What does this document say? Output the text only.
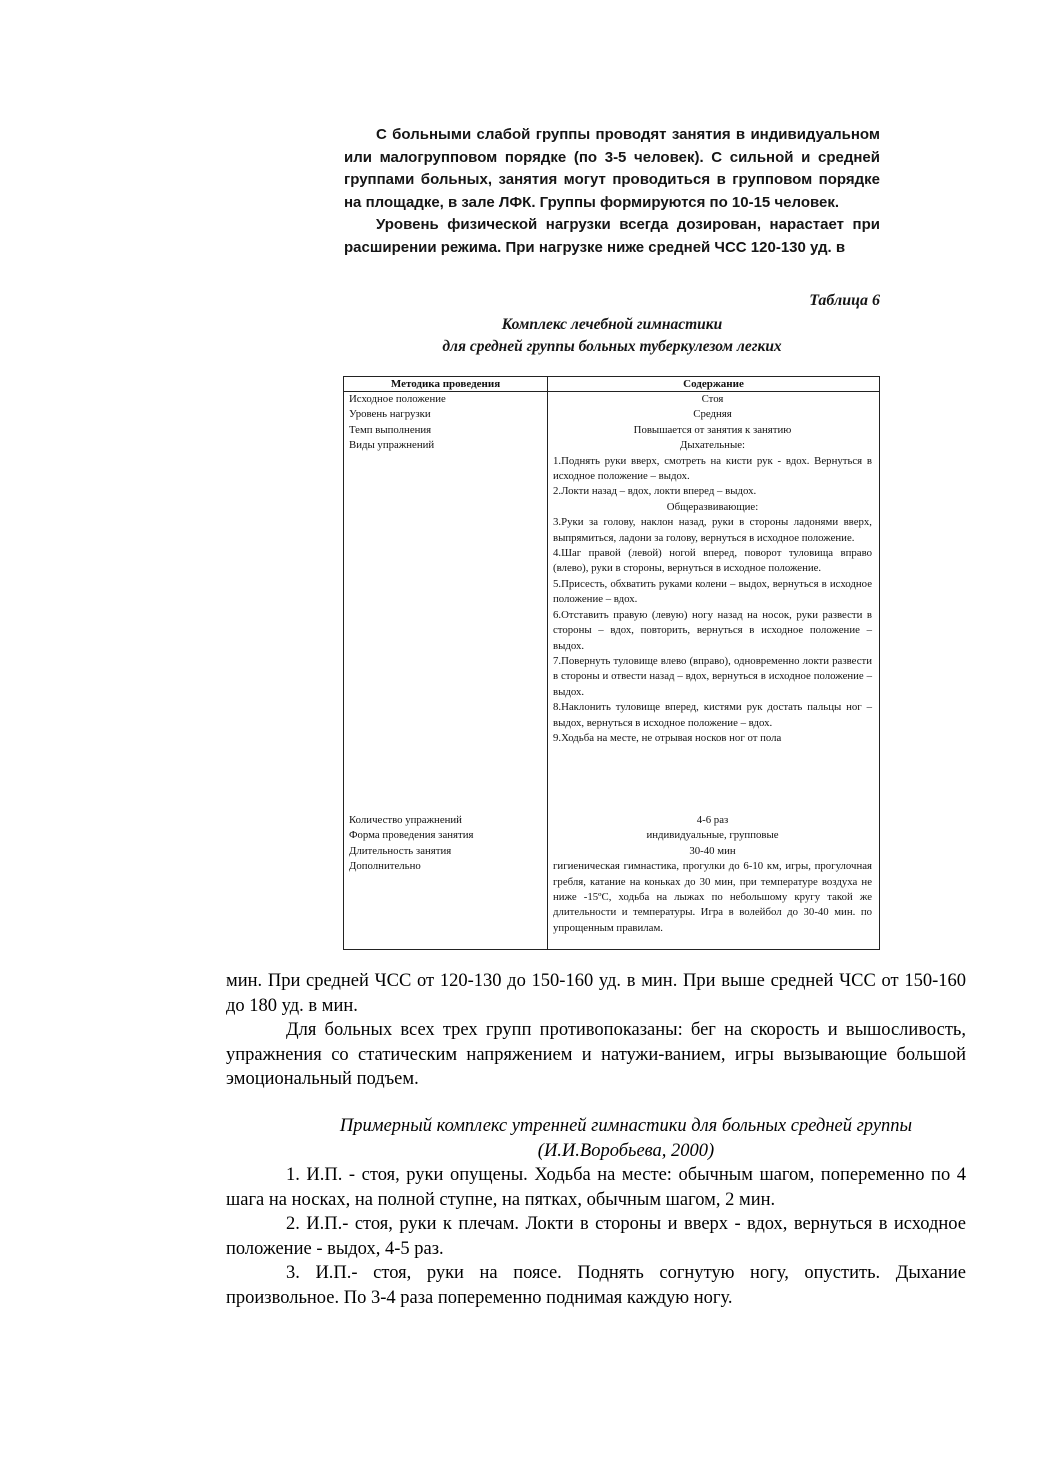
С больными слабой группы проводят занятия в индивидуальном или малогрупповом порядке (по 3-5 человек). С сильной и средней группами больных, занятия могут проводиться в групповом порядке на площадке, в зале ЛФК. Группы формируются по 10-15 человек.
Уровень физической нагрузки всегда дозирован, нарастает при расширении режима. При нагрузке ниже средней ЧСС 120-130 уд. в
Таблица 6
Комплекс лечебной гимнастики
для средней группы больных туберкулезом легких
Методика проведения	Содержание
Исходное положение
Уровень нагрузки
Темп выполнения
Виды упражнений
Стоя
Средняя
Повышается от занятия к занятию
Дыхательные:
1.Поднять руки вверх, смотреть на кисти рук - вдох. Вернуться в исходное положение – выдох.
2.Локти назад – вдох, локти вперед – выдох.
Общеразвивающие:
3.Руки за голову, наклон назад, руки в стороны ладонями вверх, выпрямиться, ладони за голову, вернуться в исходное положение.
4.Шаг правой (левой) ногой вперед, поворот туловища вправо (влево), руки в стороны, вернуться в исходное положение.
5.Присесть, обхватить руками колени – выдох, вернуться в исходное положение – вдох.
6.Отставить правую (левую) ногу назад на носок, руки развести в стороны – вдох, повторить, вернуться в исходное положение – выдох.
7.Повернуть туловище влево (вправо), одновременно локти развести в стороны и отвести назад – вдох, вернуться в исходное положение – выдох.
8.Наклонить туловище вперед, кистями рук достать пальцы ног – выдох, вернуться в исходное положение – вдох.
9.Ходьба на месте, не отрывая носков ног от пола
Количество упражнений
Форма проведения занятия
Длительность занятия
Дополнительно
4-6 раз
индивидуальные, групповые
30-40 мин
гигиеническая гимнастика, прогулки до 6-10 км, игры, прогулочная гребля, катание на коньках до 30 мин, при температуре воздуха не ниже -15ºС, ходьба на лыжах по небольшому кругу такой же длительности и температуры. Игра в волейбол до 30-40 мин. по упрощенным правилам.
мин. При средней ЧСС от 120-130 до 150-160 уд. в мин. При выше средней ЧСС от 150-160 до 180 уд. в мин.
Для больных всех трех групп противопоказаны: бег на скорость и вышосливость, упражнения со статическим напряжением и натужи-ванием, игры вызывающие большой эмоциональный подъем.
Примерный комплекс утренней гимнастики для больных средней группы
(И.И.Воробьева, 2000)
1. И.П. - стоя, руки опущены. Ходьба на месте: обычным шагом, попеременно по 4 шага на носках, на полной ступне, на пятках, обычным шагом, 2 мин.
2. И.П.- стоя, руки к плечам. Локти в стороны и вверх - вдох, вернуться в исходное положение - выдох, 4-5 раз.
3. И.П.- стоя, руки на поясе. Поднять согнутую ногу, опустить. Дыхание произвольное. По 3-4 раза попеременно поднимая каждую ногу.
